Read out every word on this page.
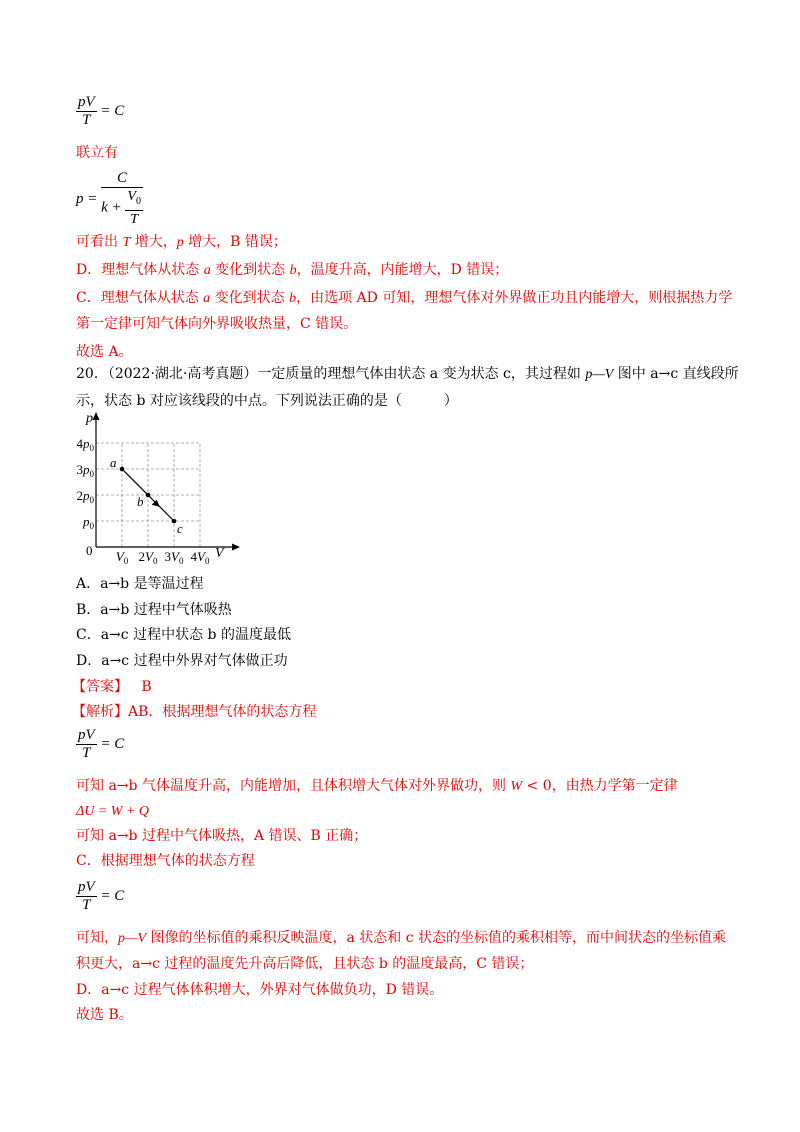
$\frac{pV}{T} = C$
联立有
$p = \frac{C}{k + \frac{V_0}{T}}$
可看出 T 增大，p 增大，B 错误；
D．理想气体从状态 a 变化到状态 b，温度升高，内能增大，D 错误；
C．理想气体从状态 a 变化到状态 b，由选项 AD 可知，理想气体对外界做正功且内能增大，则根据热力学
第一定律可知气体向外界吸收热量，C 错误。
故选 A。
20．（2022·湖北·高考真题）一定质量的理想气体由状态 a 变为状态 c，其过程如 p—V 图中 a→c 直线段所
示，状态 b 对应该线段的中点。下列说法正确的是（　　　）
p
V
0
$4p_0$
$3p_0$
$2p_0$
$p_0$
$V_0$ $2V_0$ $3V_0$ $4V_0$
a
b
c
A．a→b 是等温过程
B．a→b 过程中气体吸热
C．a→c 过程中状态 b 的温度最低
D．a→c 过程中外界对气体做正功
【答案】 B
【解析】AB．根据理想气体的状态方程
$\frac{pV}{T} = C$
可知 a→b 气体温度升高，内能增加，且体积增大气体对外界做功，则 W < 0，由热力学第一定律
ΔU = W + Q
可知 a→b 过程中气体吸热，A 错误、B 正确；
C．根据理想气体的状态方程
$\frac{pV}{T} = C$
可知，p—V 图像的坐标值的乘积反映温度，a 状态和 c 状态的坐标值的乘积相等，而中间状态的坐标值乘
积更大，a→c 过程的温度先升高后降低，且状态 b 的温度最高，C 错误；
D．a→c 过程气体体积增大，外界对气体做负功，D 错误。
故选 B。
